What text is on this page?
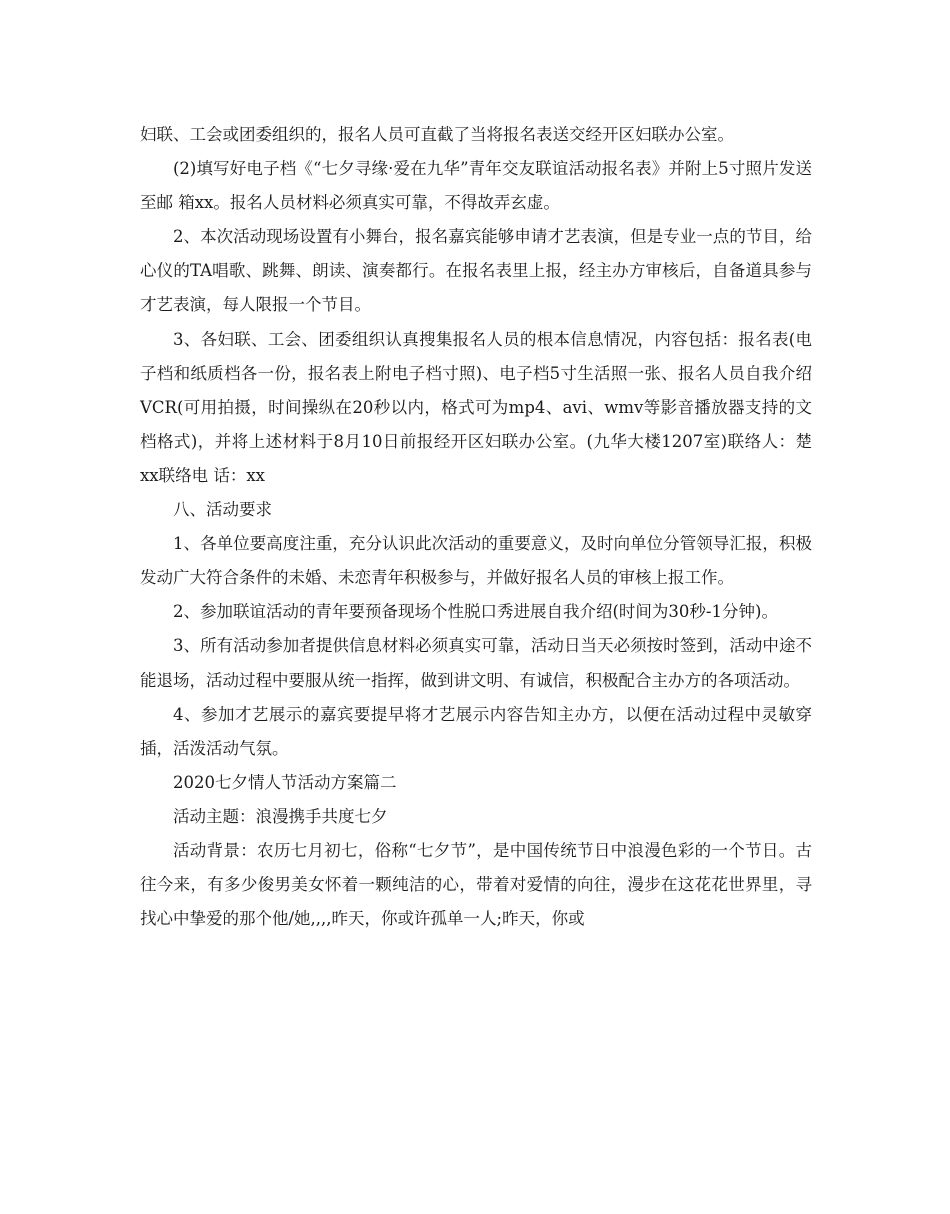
妇联、工会或团委组织的，报名人员可直截了当将报名表送交经开区妇联办公室。

(2)填写好电子档《“七夕寻缘·爱在九华”青年交友联谊活动报名表》并附上5寸照片发送至邮 箱xx。报名人员材料必须真实可靠，不得故弄玄虚。

2、本次活动现场设置有小舞台，报名嘉宾能够申请才艺表演，但是专业一点的节目，给心仪的TA唱歌、跳舞、朗读、演奏都行。在报名表里上报，经主办方审核后，自备道具参与才艺表演，每人限报一个节目。

3、各妇联、工会、团委组织认真搜集报名人员的根本信息情况，内容包括：报名表(电子档和纸质档各一份，报名表上附电子档寸照)、电子档5寸生活照一张、报名人员自我介绍VCR(可用拍摄，时间操纵在20秒以内，格式可为mp4、avi、wmv等影音播放器支持的文档格式)，并将上述材料于8月10日前报经开区妇联办公室。(九华大楼1207室)联络人：楚xx联络电 话：xx

八、活动要求

1、各单位要高度注重，充分认识此次活动的重要意义，及时向单位分管领导汇报，积极发动广大符合条件的未婚、未恋青年积极参与，并做好报名人员的审核上报工作。

2、参加联谊活动的青年要预备现场个性脱口秀进展自我介绍(时间为30秒-1分钟)。

3、所有活动参加者提供信息材料必须真实可靠，活动日当天必须按时签到，活动中途不能退场，活动过程中要服从统一指挥，做到讲文明、有诚信，积极配合主办方的各项活动。

4、参加才艺展示的嘉宾要提早将才艺展示内容告知主办方，以便在活动过程中灵敏穿插，活泼活动气氛。

2020七夕情人节活动方案篇二

活动主题：浪漫携手共度七夕

活动背景：农历七月初七，俗称“七夕节”，是中国传统节日中浪漫色彩的一个节日。古往今来，有多少俊男美女怀着一颗纯洁的心，带着对爱情的向往，漫步在这花花世界里，寻找心中挚爱的那个他/她,,,,昨天，你或许孤单一人;昨天，你或
